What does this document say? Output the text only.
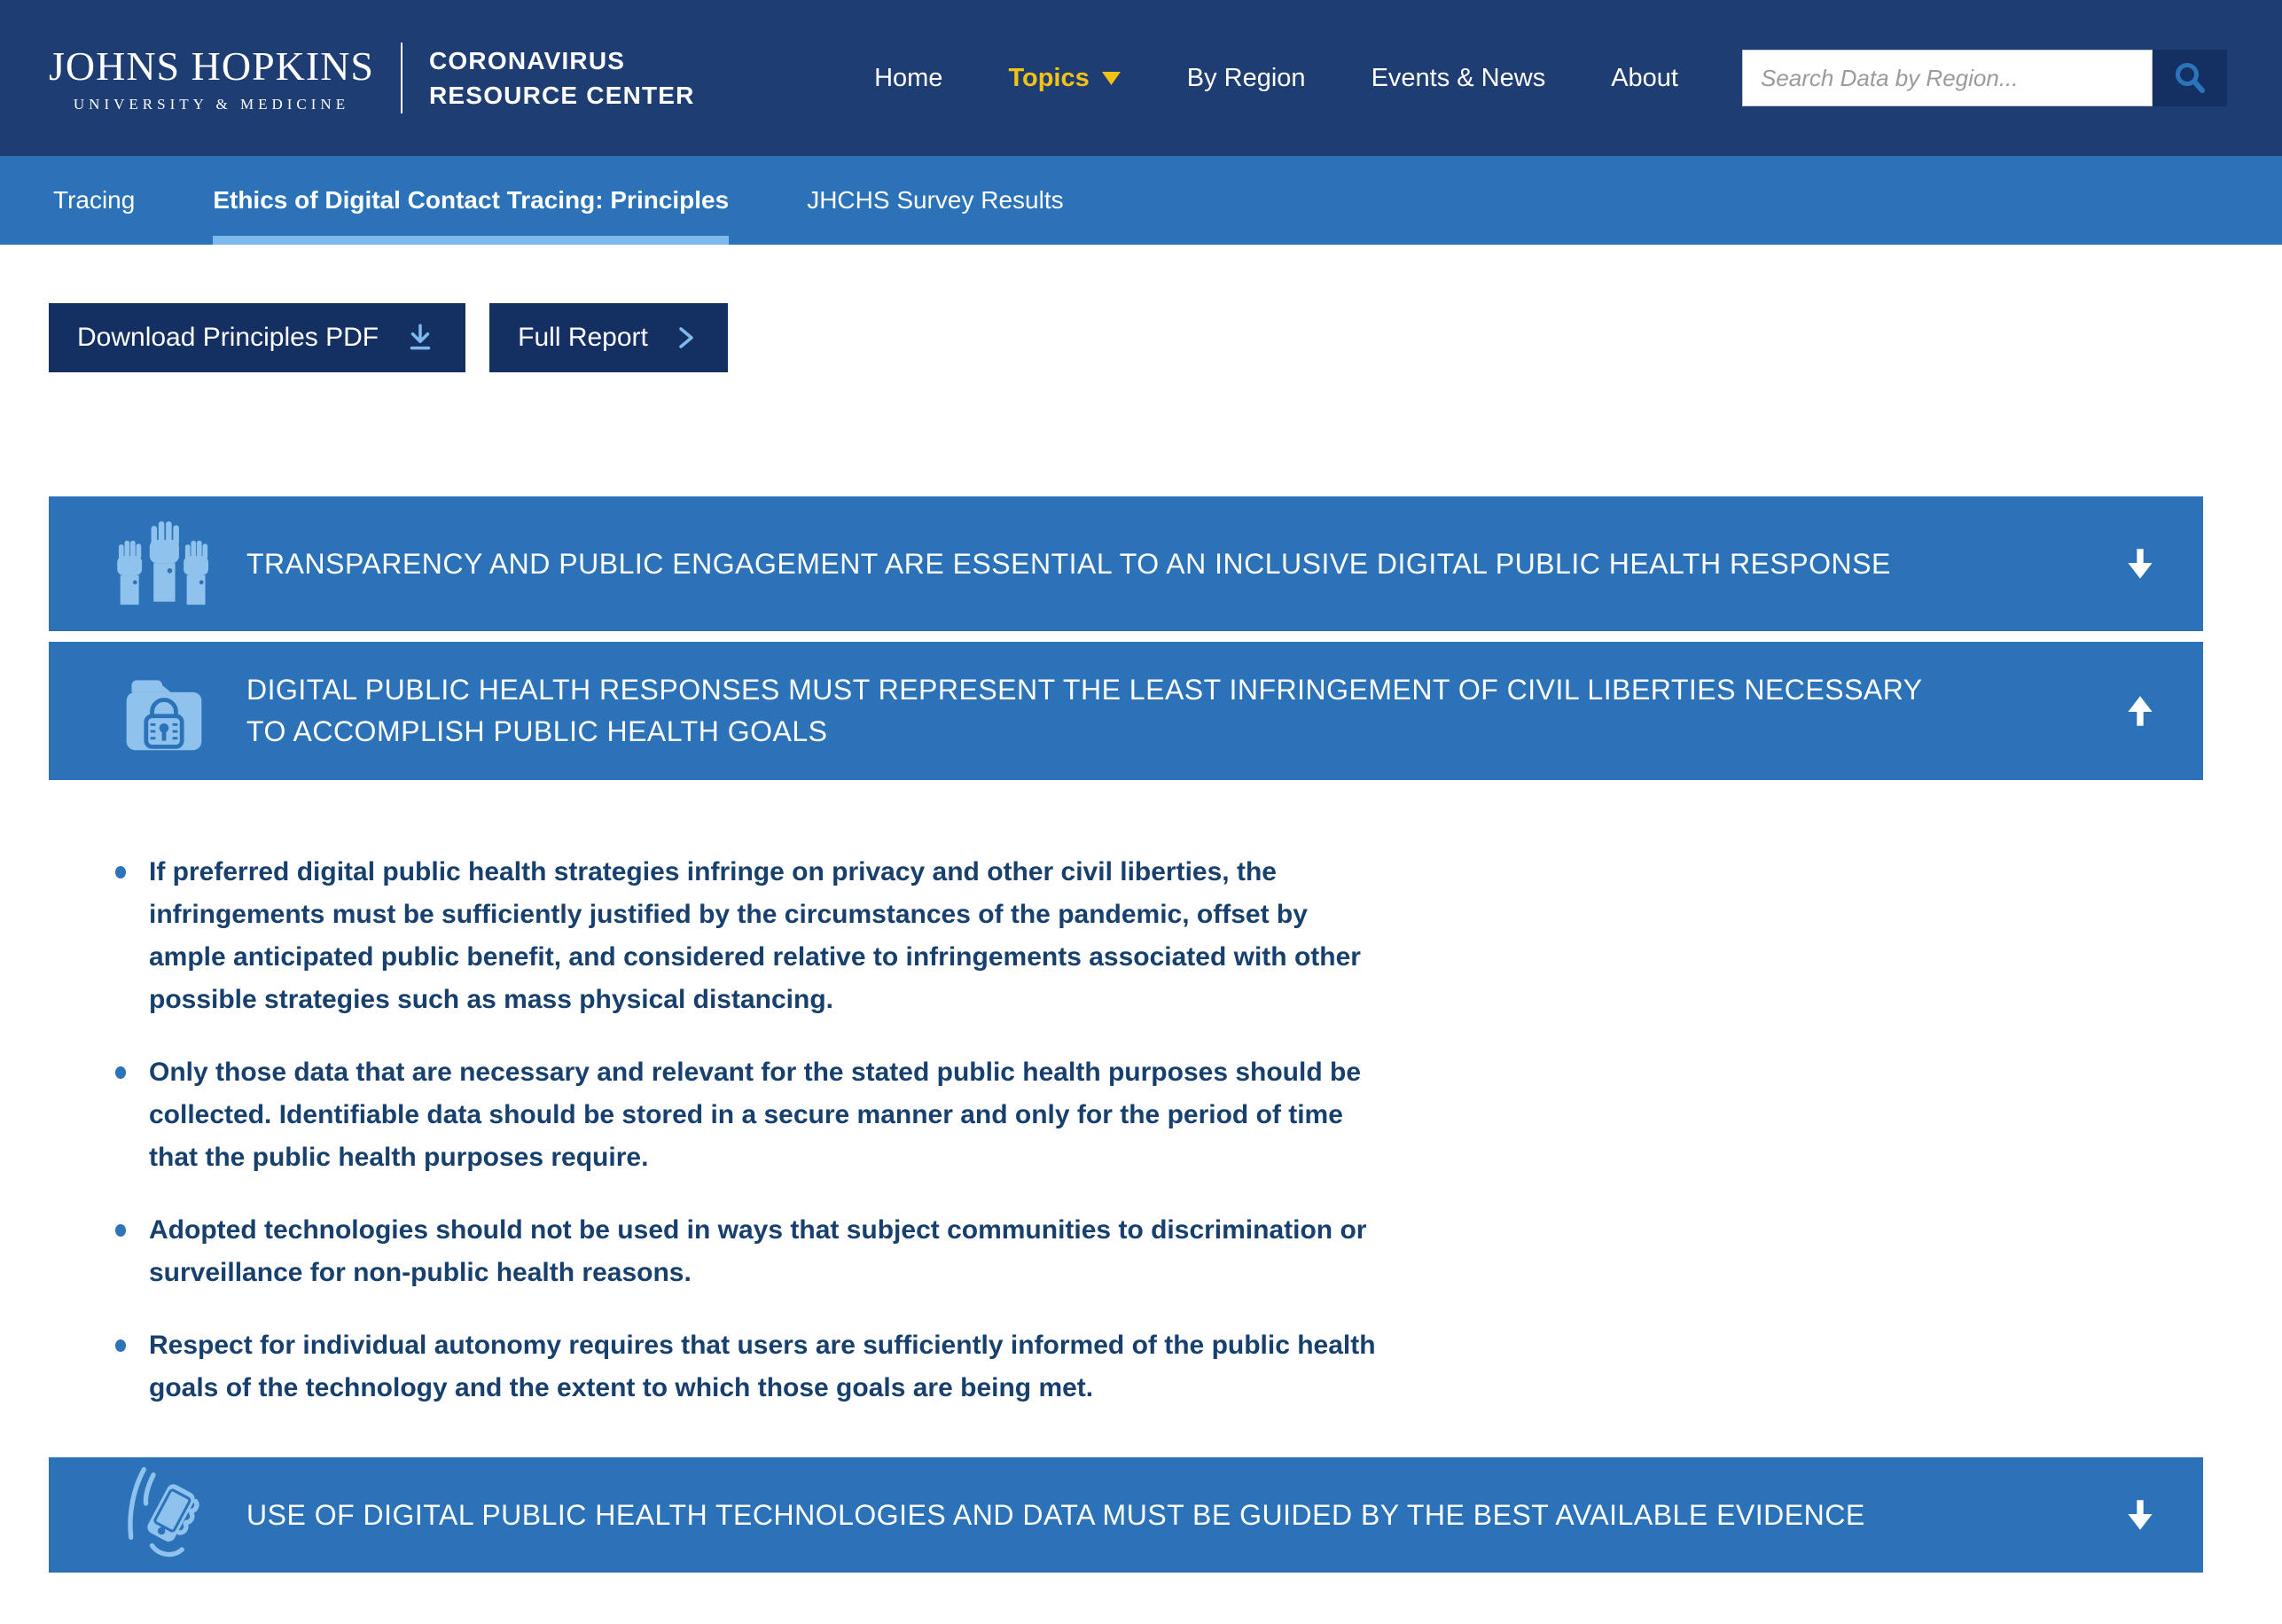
JOHNS HOPKINS
UNIVERSITY & MEDICINE
CORONAVIRUS
RESOURCE CENTER
Home	Topics	By Region	Events & News	About
Search Data by Region...
Tracing	Ethics of Digital Contact Tracing: Principles	JHCHS Survey Results
Download Principles PDF	Full Report
TRANSPARENCY AND PUBLIC ENGAGEMENT ARE ESSENTIAL TO AN INCLUSIVE DIGITAL PUBLIC HEALTH RESPONSE
DIGITAL PUBLIC HEALTH RESPONSES MUST REPRESENT THE LEAST INFRINGEMENT OF CIVIL LIBERTIES NECESSARY TO ACCOMPLISH PUBLIC HEALTH GOALS
If preferred digital public health strategies infringe on privacy and other civil liberties, the infringements must be sufficiently justified by the circumstances of the pandemic, offset by ample anticipated public benefit, and considered relative to infringements associated with other possible strategies such as mass physical distancing.
Only those data that are necessary and relevant for the stated public health purposes should be collected. Identifiable data should be stored in a secure manner and only for the period of time that the public health purposes require.
Adopted technologies should not be used in ways that subject communities to discrimination or surveillance for non-public health reasons.
Respect for individual autonomy requires that users are sufficiently informed of the public health goals of the technology and the extent to which those goals are being met.
USE OF DIGITAL PUBLIC HEALTH TECHNOLOGIES AND DATA MUST BE GUIDED BY THE BEST AVAILABLE EVIDENCE
